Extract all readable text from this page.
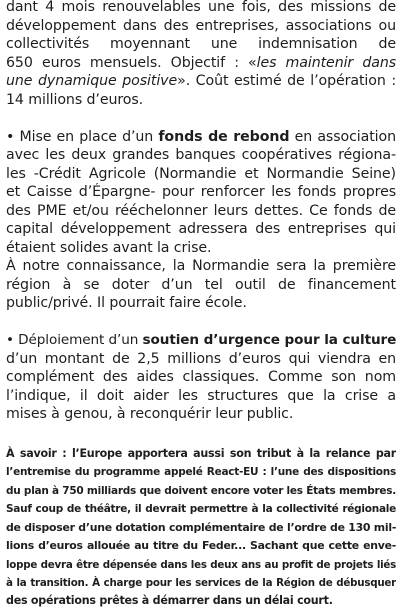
dant 4 mois renouvelables une fois, des missions de
développement dans des entreprises, associations ou
collectivités moyennant une indemnisation de
650 euros mensuels. Objectif : «les maintenir dans
une dynamique positive». Coût estimé de l’opération :
14 millions d’euros.
• Mise en place d’un fonds de rebond en association
avec les deux grandes banques coopératives régiona-
les -Crédit Agricole (Normandie et Normandie Seine)
et Caisse d’Épargne- pour renforcer les fonds propres
des PME et/ou rééchelonner leurs dettes. Ce fonds de
capital développement adressera des entreprises qui
étaient solides avant la crise.
À notre connaissance, la Normandie sera la première
région à se doter d’un tel outil de financement
public/privé. Il pourrait faire école.
• Déploiement d’un soutien d’urgence pour la culture
d’un montant de 2,5 millions d’euros qui viendra en
complément des aides classiques. Comme son nom
l’indique, il doit aider les structures que la crise a
mises à genou, à reconquérir leur public.
À savoir : l’Europe apportera aussi son tribut à la relance par
l’entremise du programme appelé React-EU : l’une des dispositions
du plan à 750 milliards que doivent encore voter les États membres.
Sauf coup de théâtre, il devrait permettre à la collectivité régionale
de disposer d’une dotation complémentaire de l’ordre de 130 mil-
lions d’euros allouée au titre du Feder... Sachant que cette enve-
loppe devra être dépensée dans les deux ans au profit de projets liés
à la transition. À charge pour les services de la Région de débusquer
des opérations prêtes à démarrer dans un délai court.
